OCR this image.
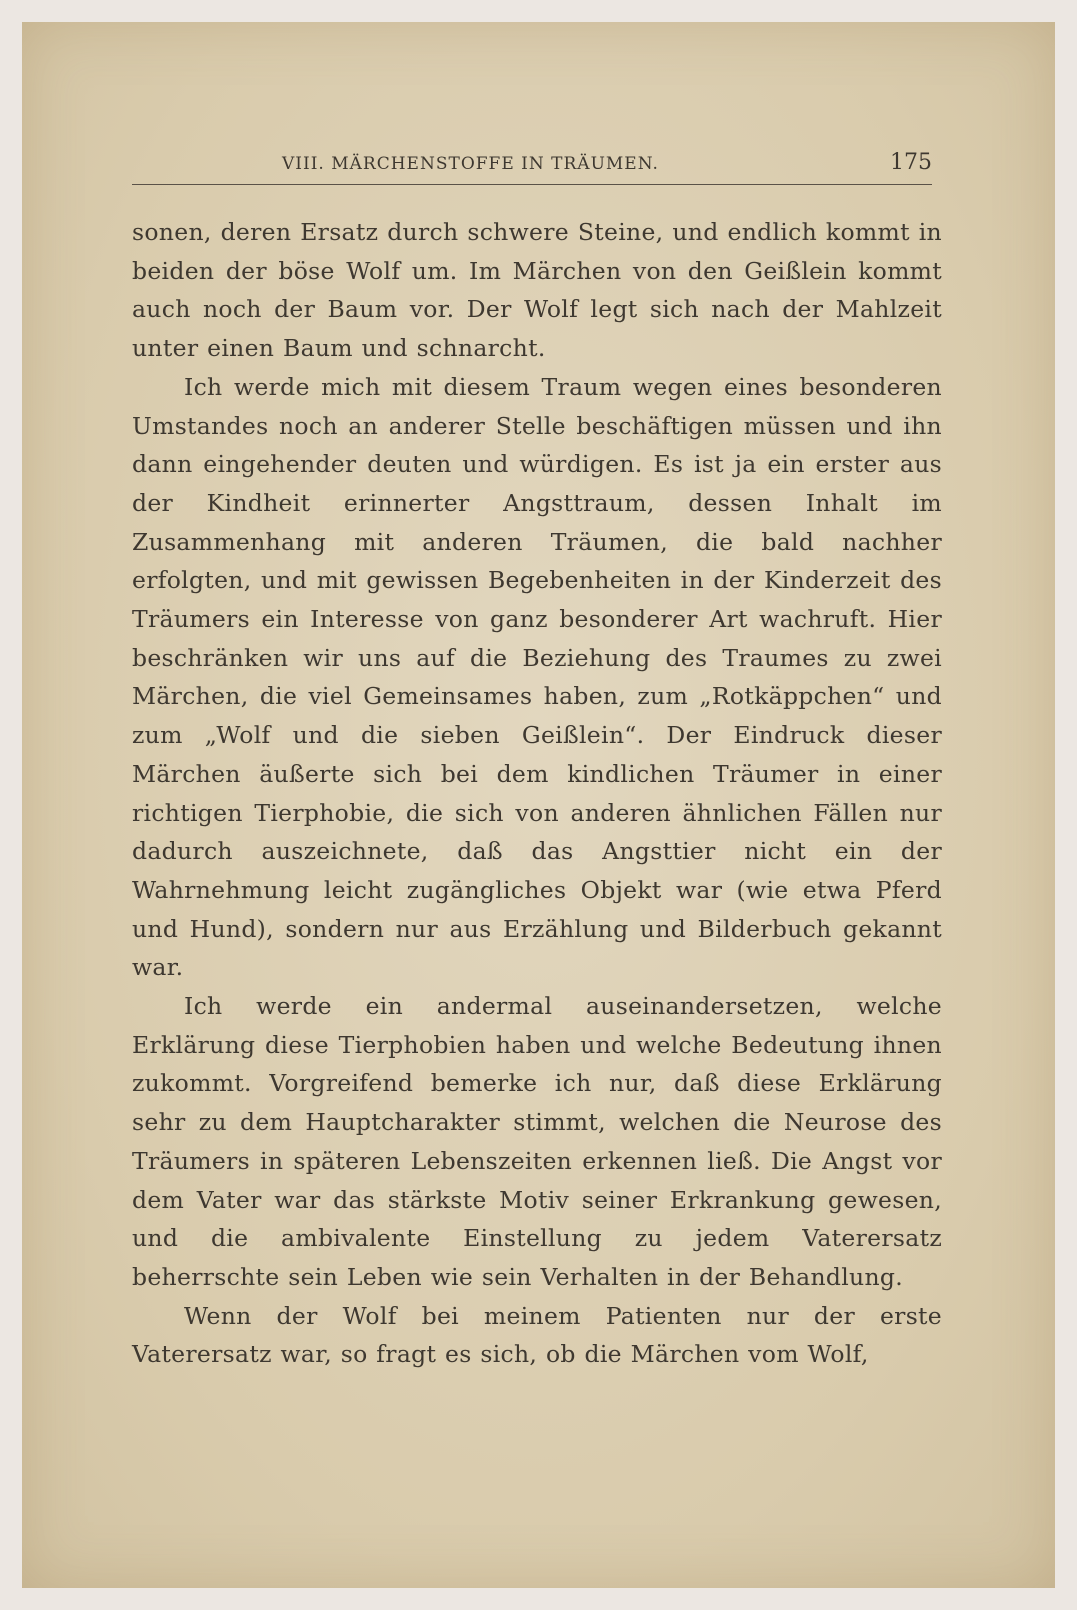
VIII. MÄRCHENSTOFFE IN TRÄUMEN.	175

sonen, deren Ersatz durch schwere Steine, und endlich kommt in beiden der böse Wolf um. Im Märchen von den Geißlein kommt auch noch der Baum vor. Der Wolf legt sich nach der Mahlzeit unter einen Baum und schnarcht.

Ich werde mich mit diesem Traum wegen eines besonderen Umstandes noch an anderer Stelle beschäftigen müssen und ihn dann eingehender deuten und würdigen. Es ist ja ein erster aus der Kindheit erinnerter Angsttraum, dessen Inhalt im Zusammenhang mit anderen Träumen, die bald nachher erfolgten, und mit gewissen Begebenheiten in der Kinderzeit des Träumers ein Interesse von ganz besonderer Art wachruft. Hier beschränken wir uns auf die Beziehung des Traumes zu zwei Märchen, die viel Gemeinsames haben, zum „Rotkäppchen“ und zum „Wolf und die sieben Geißlein“. Der Eindruck dieser Märchen äußerte sich bei dem kindlichen Träumer in einer richtigen Tierphobie, die sich von anderen ähnlichen Fällen nur dadurch auszeichnete, daß das Angsttier nicht ein der Wahrnehmung leicht zugängliches Objekt war (wie etwa Pferd und Hund), sondern nur aus Erzählung und Bilderbuch gekannt war.

Ich werde ein andermal auseinandersetzen, welche Erklärung diese Tierphobien haben und welche Bedeutung ihnen zukommt. Vorgreifend bemerke ich nur, daß diese Erklärung sehr zu dem Hauptcharakter stimmt, welchen die Neurose des Träumers in späteren Lebenszeiten erkennen ließ. Die Angst vor dem Vater war das stärkste Motiv seiner Erkrankung gewesen, und die ambivalente Einstellung zu jedem Vaterersatz beherrschte sein Leben wie sein Verhalten in der Behandlung.

Wenn der Wolf bei meinem Patienten nur der erste Vaterersatz war, so fragt es sich, ob die Märchen vom Wolf,
